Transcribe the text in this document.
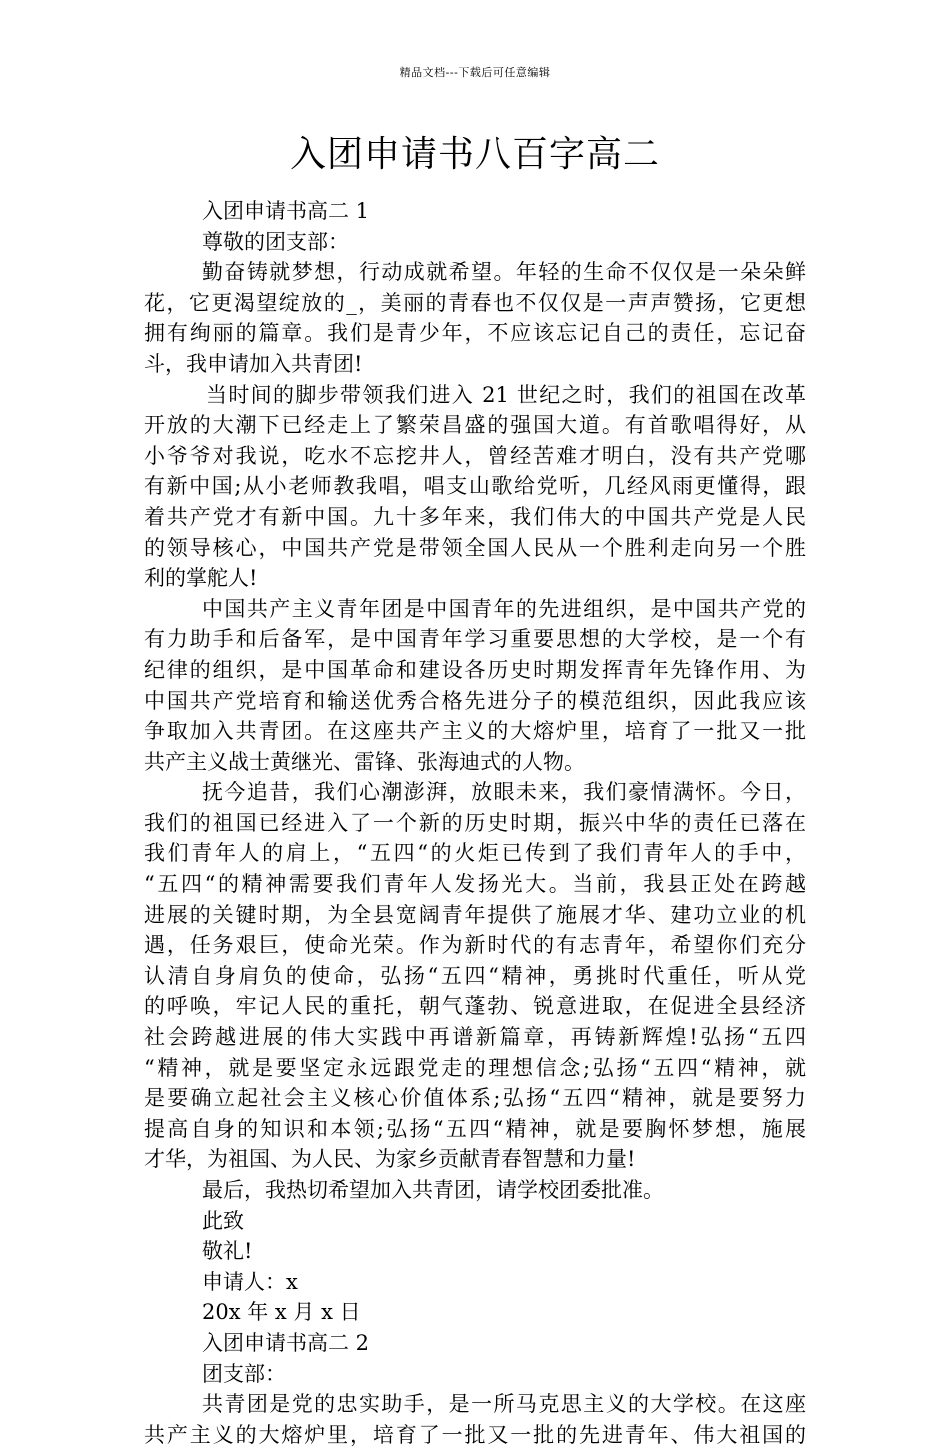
精品文档---下载后可任意编辑
入团申请书八百字高二
入团申请书高二 1
尊敬的团支部：
勤奋铸就梦想，行动成就希望。年轻的生命不仅仅是一朵朵鲜
花，它更渴望绽放的_，美丽的青春也不仅仅是一声声赞扬，它更想
拥有绚丽的篇章。我们是青少年，不应该忘记自己的责任，忘记奋
斗，我申请加入共青团!
当时间的脚步带领我们进入 21 世纪之时，我们的祖国在改革
开放的大潮下已经走上了繁荣昌盛的强国大道。有首歌唱得好，从
小爷爷对我说，吃水不忘挖井人，曾经苦难才明白，没有共产党哪
有新中国;从小老师教我唱，唱支山歌给党听，几经风雨更懂得，跟
着共产党才有新中国。九十多年来，我们伟大的中国共产党是人民
的领导核心，中国共产党是带领全国人民从一个胜利走向另一个胜
利的掌舵人!
中国共产主义青年团是中国青年的先进组织，是中国共产党的
有力助手和后备军，是中国青年学习重要思想的大学校，是一个有
纪律的组织，是中国革命和建设各历史时期发挥青年先锋作用、为
中国共产党培育和输送优秀合格先进分子的模范组织，因此我应该
争取加入共青团。在这座共产主义的大熔炉里，培育了一批又一批
共产主义战士黄继光、雷锋、张海迪式的人物。
抚今追昔，我们心潮澎湃，放眼未来，我们豪情满怀。今日，
我们的祖国已经进入了一个新的历史时期，振兴中华的责任已落在
我们青年人的肩上，“五四“的火炬已传到了我们青年人的手中，
“五四“的精神需要我们青年人发扬光大。当前，我县正处在跨越
进展的关键时期，为全县宽阔青年提供了施展才华、建功立业的机
遇，任务艰巨，使命光荣。作为新时代的有志青年，希望你们充分
认清自身肩负的使命，弘扬“五四“精神，勇挑时代重任，听从党
的呼唤，牢记人民的重托，朝气蓬勃、锐意进取，在促进全县经济
社会跨越进展的伟大实践中再谱新篇章，再铸新辉煌!弘扬“五四
“精神，就是要坚定永远跟党走的理想信念;弘扬“五四“精神，就
是要确立起社会主义核心价值体系;弘扬“五四“精神，就是要努力
提高自身的知识和本领;弘扬“五四“精神，就是要胸怀梦想，施展
才华，为祖国、为人民、为家乡贡献青春智慧和力量!
最后，我热切希望加入共青团，请学校团委批准。
此致
敬礼!
申请人：x
20x 年 x 月 x 日
入团申请书高二 2
团支部：
共青团是党的忠实助手，是一所马克思主义的大学校。在这座
共产主义的大熔炉里，培育了一批又一批的先进青年、伟大祖国的
